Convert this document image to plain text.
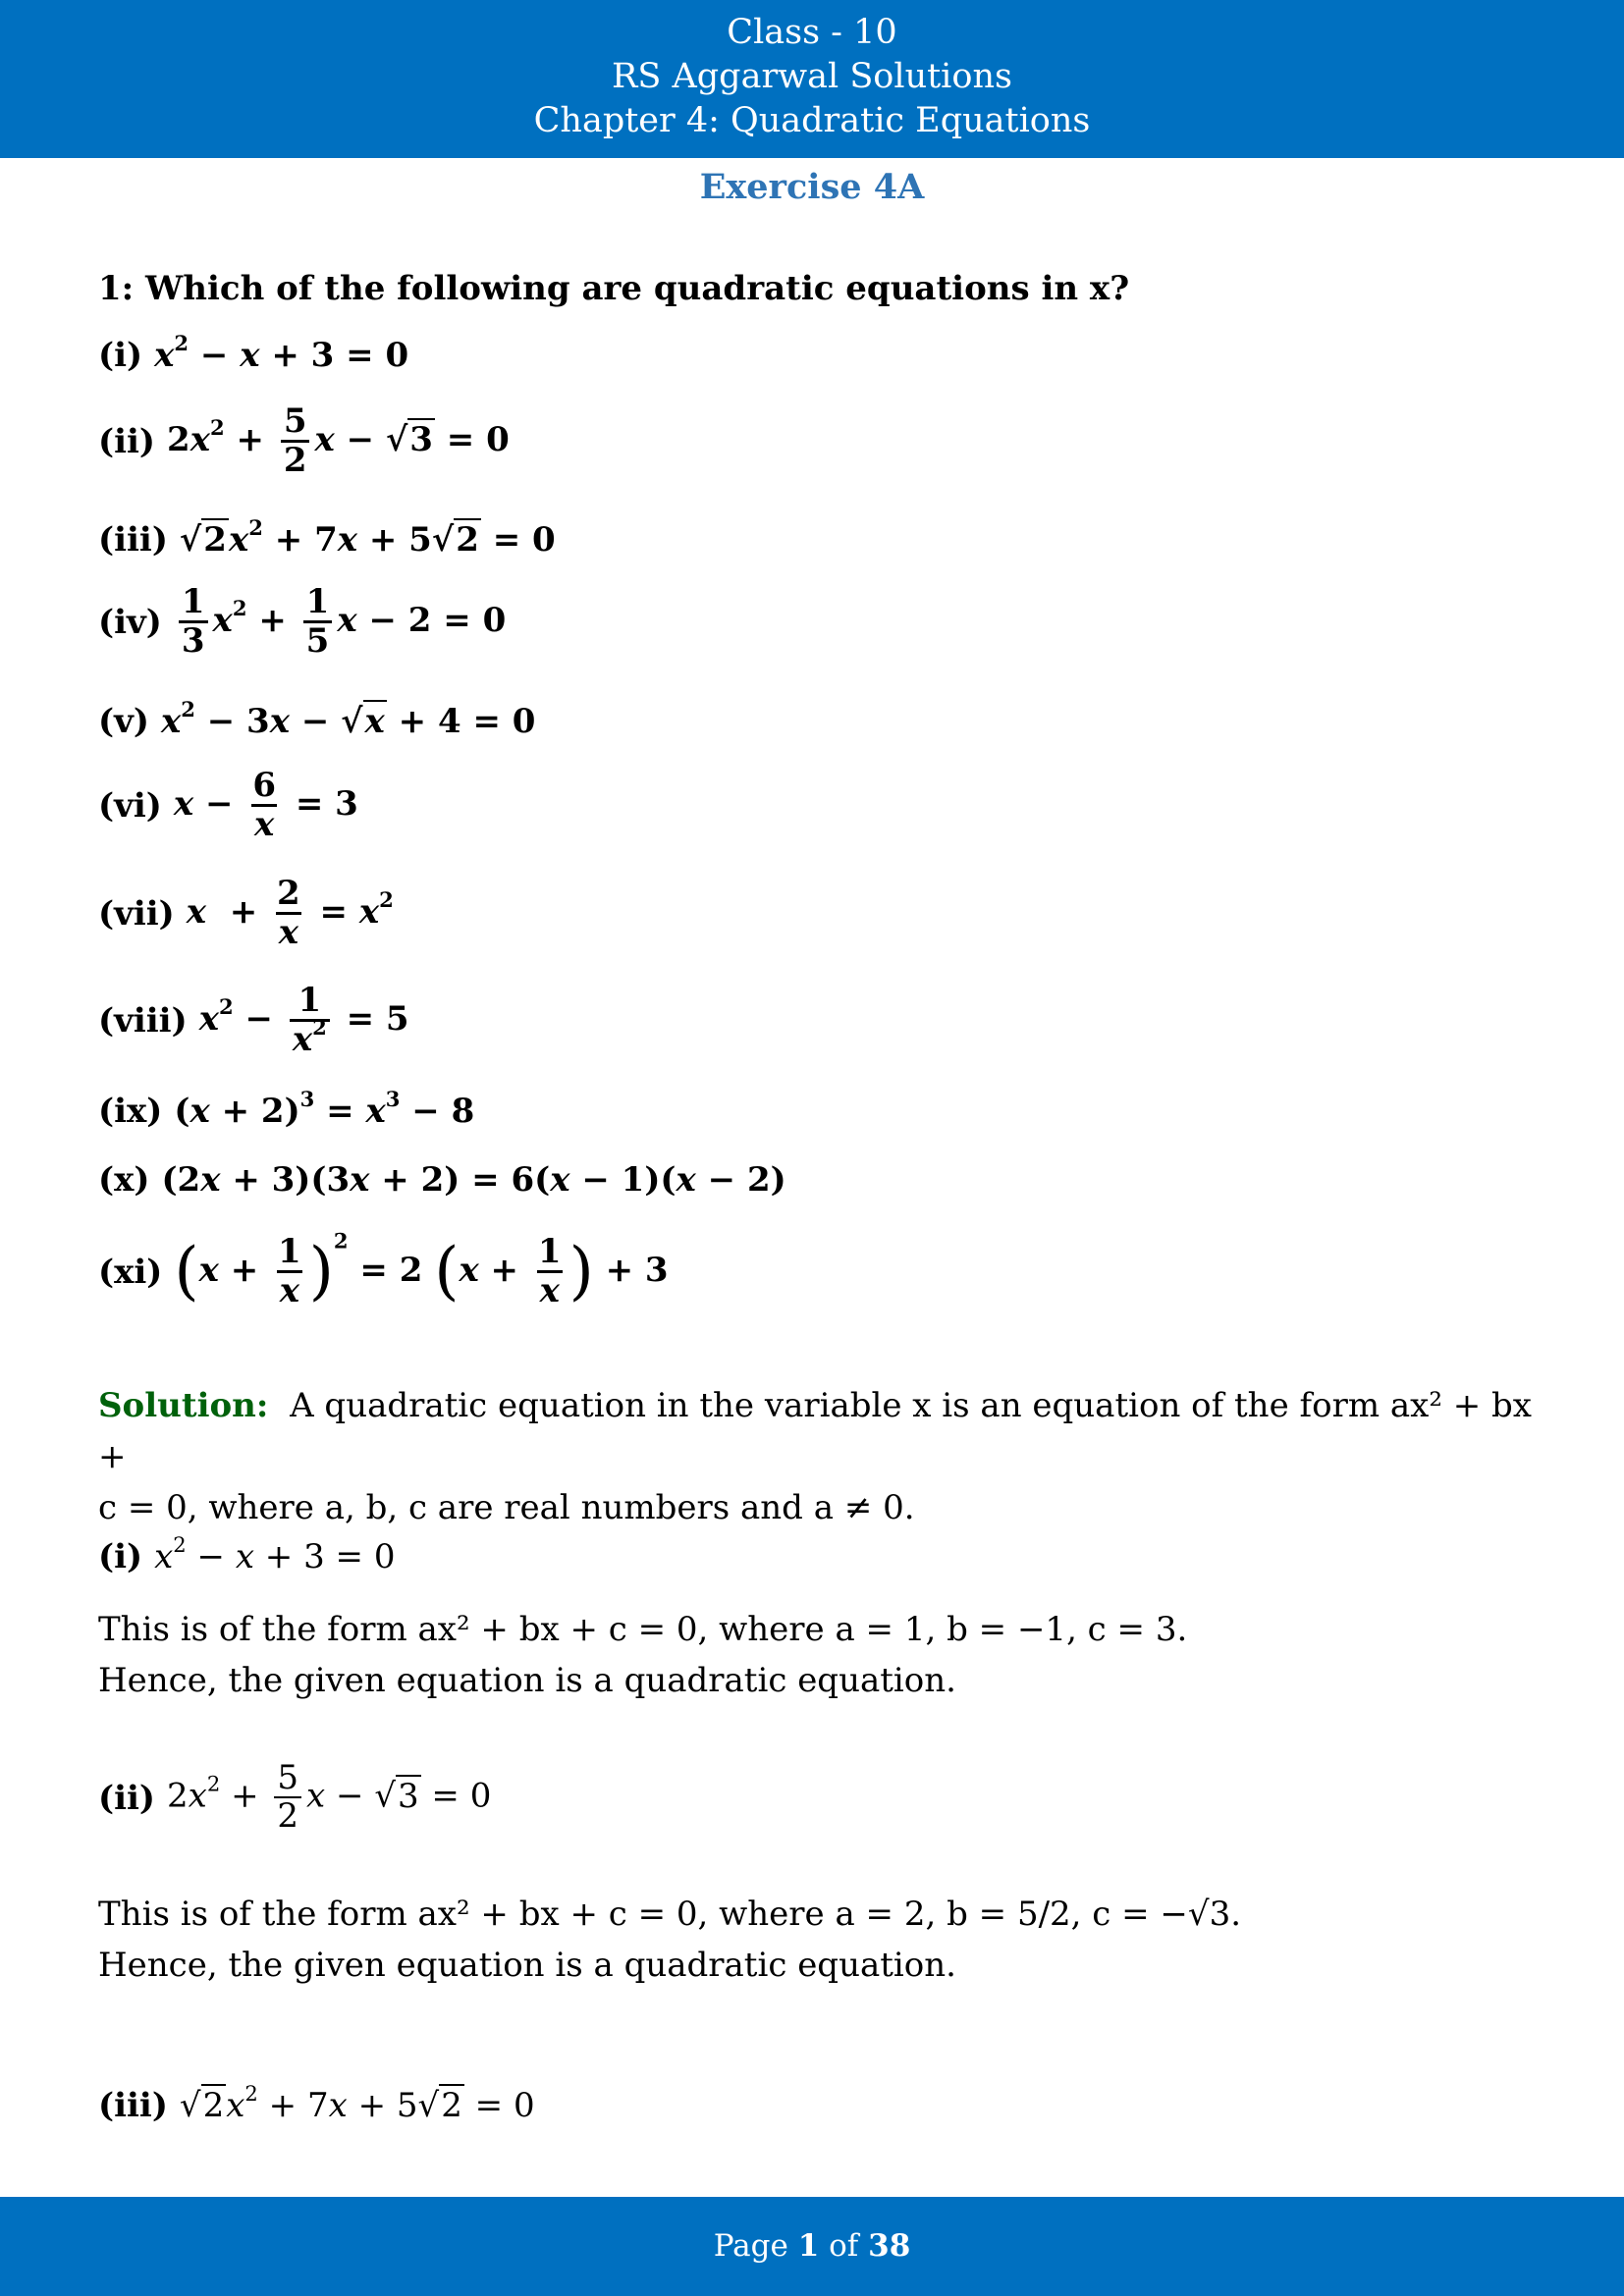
Class - 10
RS Aggarwal Solutions
Chapter 4: Quadratic Equations
Exercise 4A
1: Which of the following are quadratic equations in x?
(i) $x^2 - x + 3 = 0$
(ii) $2x^2 + \frac{5}{2}$ x − √3 = 0
(iii) $√2x^2 + 7x + 5√2 = 0$
$(iv) \frac{1}{3} x^2 + \frac{1}{5}$ x − 2 = 0
(v) $x^2 - 3x - √x + 4 = 0$
(vi) $x - \frac{6}{x} = 3$
(vii) $x + \frac{2}{x} = x^2$
(viii) $x^2 - \frac{1}{x^2} = 5$
(ix) $(x + 2)^3 = x^3 - 8$
(x) (2x + 3)(3x + 2) = 6(x − 1)(x − 2)
(xi) $(x + \frac{1}{x} )^2 = 2$ ($x + \frac{1}{x}$ ) + 3
Solution: A quadratic equation in the variable x is an equation of the form ax² + bx +
c = 0, where a, b, c are real numbers and a ≠ 0.
(i) $x^2 - x + 3 = 0$
This is of the form ax² + bx + c = 0, where a = 1, b = −1, c = 3.
Hence, the given equation is a quadratic equation.
(ii) $2x^2 + \frac{5}{2}$ x − √3 = 0
This is of the form ax² + bx + c = 0, where a = 2, b = 5/2, c = −√3.
Hence, the given equation is a quadratic equation.
(iii) $√2x^2 + 7x + 5√2 = 0$
Page 1 of 38
